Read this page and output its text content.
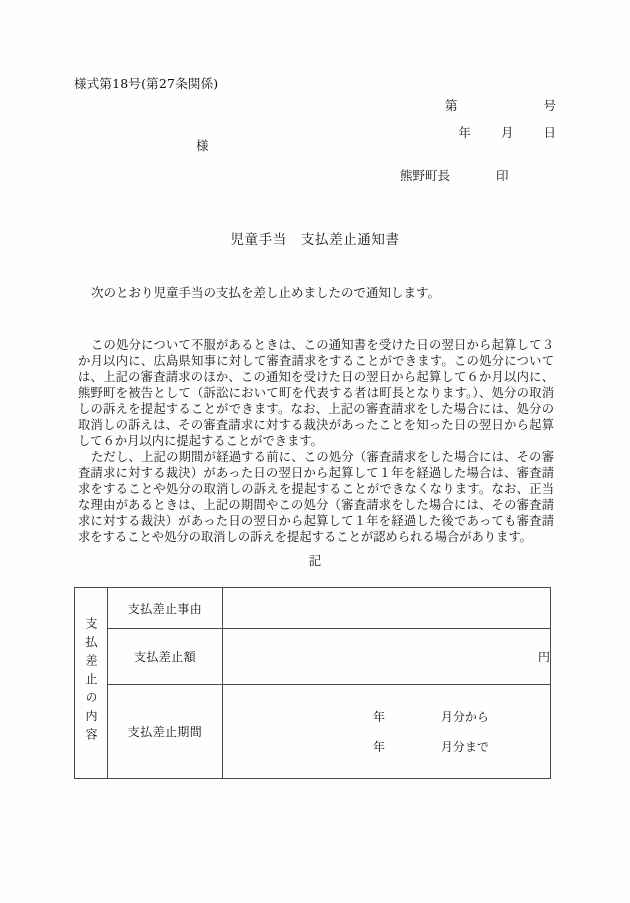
様式第18号(第27条関係)
第	号
年 月 日
様
熊野町長	印
児童手当　支払差止通知書
次のとおり児童手当の支払を差し止めましたので通知します。

この処分について不服があるときは、この通知書を受けた日の翌日から起算して３か月以内に、広島県知事に対して審査請求をすることができます。この処分については、上記の審査請求のほか、この通知を受けた日の翌日から起算して６か月以内に、熊野町を被告として（訴訟において町を代表する者は町長となります。）、処分の取消しの訴えを提起することができます。なお、上記の審査請求をした場合には、処分の取消しの訴えは、その審査請求に対する裁決があったことを知った日の翌日から起算して６か月以内に提起することができます。

ただし、上記の期間が経過する前に、この処分（審査請求をした場合には、その審査請求に対する裁決）があった日の翌日から起算して１年を経過した場合は、審査請求をすることや処分の取消しの訴えを提起することができなくなります。なお、正当な理由があるときは、上記の期間やこの処分（審査請求をした場合には、その審査請求に対する裁決）があった日の翌日から起算して１年を経過した後であっても審査請求をすることや処分の取消しの訴えを提起することが認められる場合があります。

記
支払差止の内容	支払差止事由	
	支払差止額	円
	支払差止期間	年 月分から
年 月分まで
